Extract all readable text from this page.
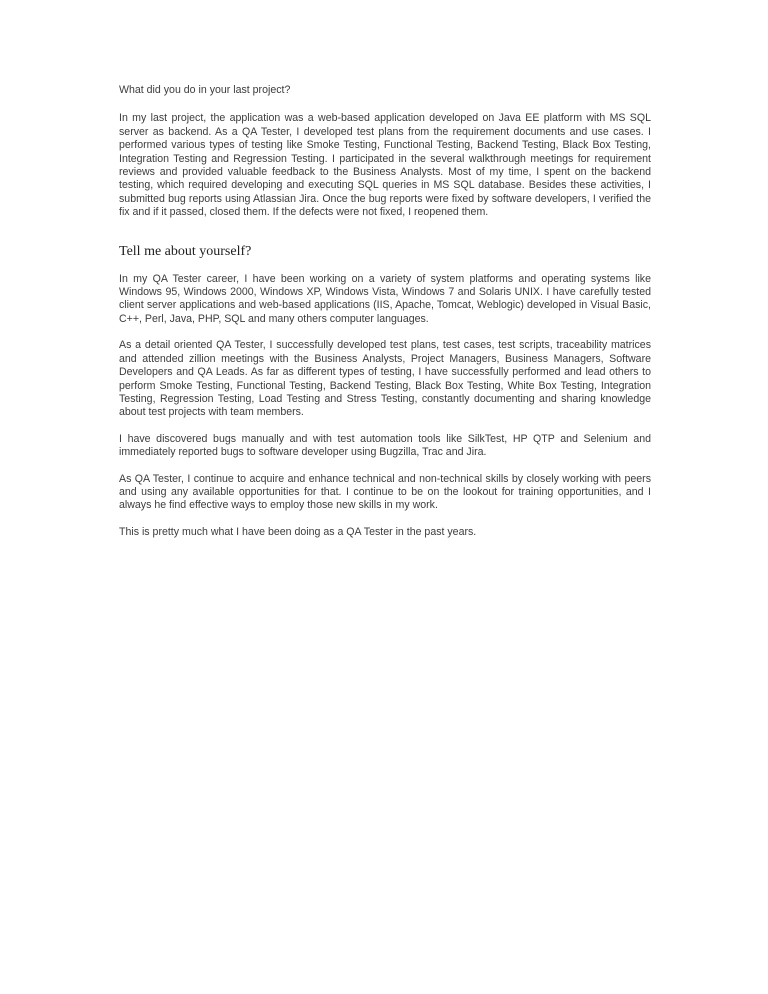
What did you do in your last project?

In my last project, the application was a web-based application developed on Java EE platform with MS SQL server as backend. As a QA Tester, I developed test plans from the requirement documents and use cases. I performed various types of testing like Smoke Testing, Functional Testing, Backend Testing, Black Box Testing, Integration Testing and Regression Testing. I participated in the several walkthrough meetings for requirement reviews and provided valuable feedback to the Business Analysts. Most of my time, I spent on the backend testing, which required developing and executing SQL queries in MS SQL database. Besides these activities, I submitted bug reports using Atlassian Jira. Once the bug reports were fixed by software developers, I verified the fix and if it passed, closed them. If the defects were not fixed, I reopened them.

Tell me about yourself?

In my QA Tester career, I have been working on a variety of system platforms and operating systems like Windows 95, Windows 2000, Windows XP, Windows Vista, Windows 7 and Solaris UNIX. I have carefully tested client server applications and web-based applications (IIS, Apache, Tomcat, Weblogic) developed in Visual Basic, C++, Perl, Java, PHP, SQL and many others computer languages.

As a detail oriented QA Tester, I successfully developed test plans, test cases, test scripts, traceability matrices and attended zillion meetings with the Business Analysts, Project Managers, Business Managers, Software Developers and QA Leads. As far as different types of testing, I have successfully performed and lead others to perform Smoke Testing, Functional Testing, Backend Testing, Black Box Testing, White Box Testing, Integration Testing, Regression Testing, Load Testing and Stress Testing, constantly documenting and sharing knowledge about test projects with team members.

I have discovered bugs manually and with test automation tools like SilkTest, HP QTP and Selenium and immediately reported bugs to software developer using Bugzilla, Trac and Jira.

As QA Tester, I continue to acquire and enhance technical and non-technical skills by closely working with peers and using any available opportunities for that. I continue to be on the lookout for training opportunities, and I always he find effective ways to employ those new skills in my work.

This is pretty much what I have been doing as a QA Tester in the past years.
